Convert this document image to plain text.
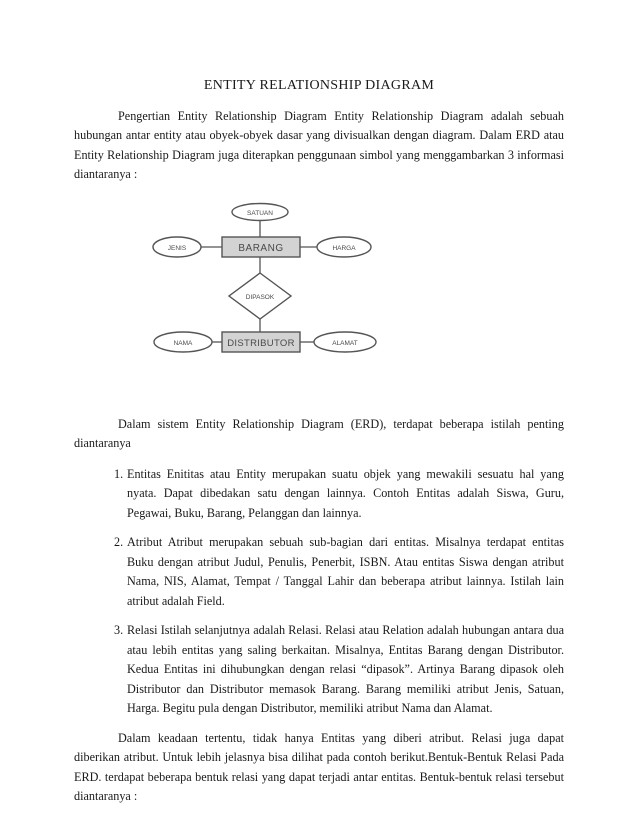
ENTITY RELATIONSHIP DIAGRAM

Pengertian Entity Relationship Diagram Entity Relationship Diagram adalah sebuah hubungan antar entity atau obyek-obyek dasar yang divisualkan dengan diagram. Dalam ERD atau Entity Relationship Diagram juga diterapkan penggunaan simbol yang menggambarkan 3 informasi diantaranya :

SATUAN
JENIS	HARGA
NAMA	ALAMAT
BARANG
DISTRIBUTOR
DIPASOK

Dalam sistem Entity Relationship Diagram (ERD), terdapat beberapa istilah penting diantaranya

1. Entitas Enititas atau Entity merupakan suatu objek yang mewakili sesuatu hal yang nyata. Dapat dibedakan satu dengan lainnya. Contoh Entitas adalah Siswa, Guru, Pegawai, Buku, Barang, Pelanggan dan lainnya.
2. Atribut Atribut merupakan sebuah sub-bagian dari entitas. Misalnya terdapat entitas Buku dengan atribut Judul, Penulis, Penerbit, ISBN. Atau entitas Siswa dengan atribut Nama, NIS, Alamat, Tempat / Tanggal Lahir dan beberapa atribut lainnya. Istilah lain atribut adalah Field.
3. Relasi Istilah selanjutnya adalah Relasi. Relasi atau Relation adalah hubungan antara dua atau lebih entitas yang saling berkaitan. Misalnya, Entitas Barang dengan Distributor. Kedua Entitas ini dihubungkan dengan relasi “dipasok”. Artinya Barang dipasok oleh Distributor dan Distributor memasok Barang. Barang memiliki atribut Jenis, Satuan, Harga. Begitu pula dengan Distributor, memiliki atribut Nama dan Alamat.

Dalam keadaan tertentu, tidak hanya Entitas yang diberi atribut. Relasi juga dapat diberikan atribut. Untuk lebih jelasnya bisa dilihat pada contoh berikut.Bentuk-Bentuk Relasi Pada ERD. terdapat beberapa bentuk relasi yang dapat terjadi antar entitas. Bentuk-bentuk relasi tersebut diantaranya :
